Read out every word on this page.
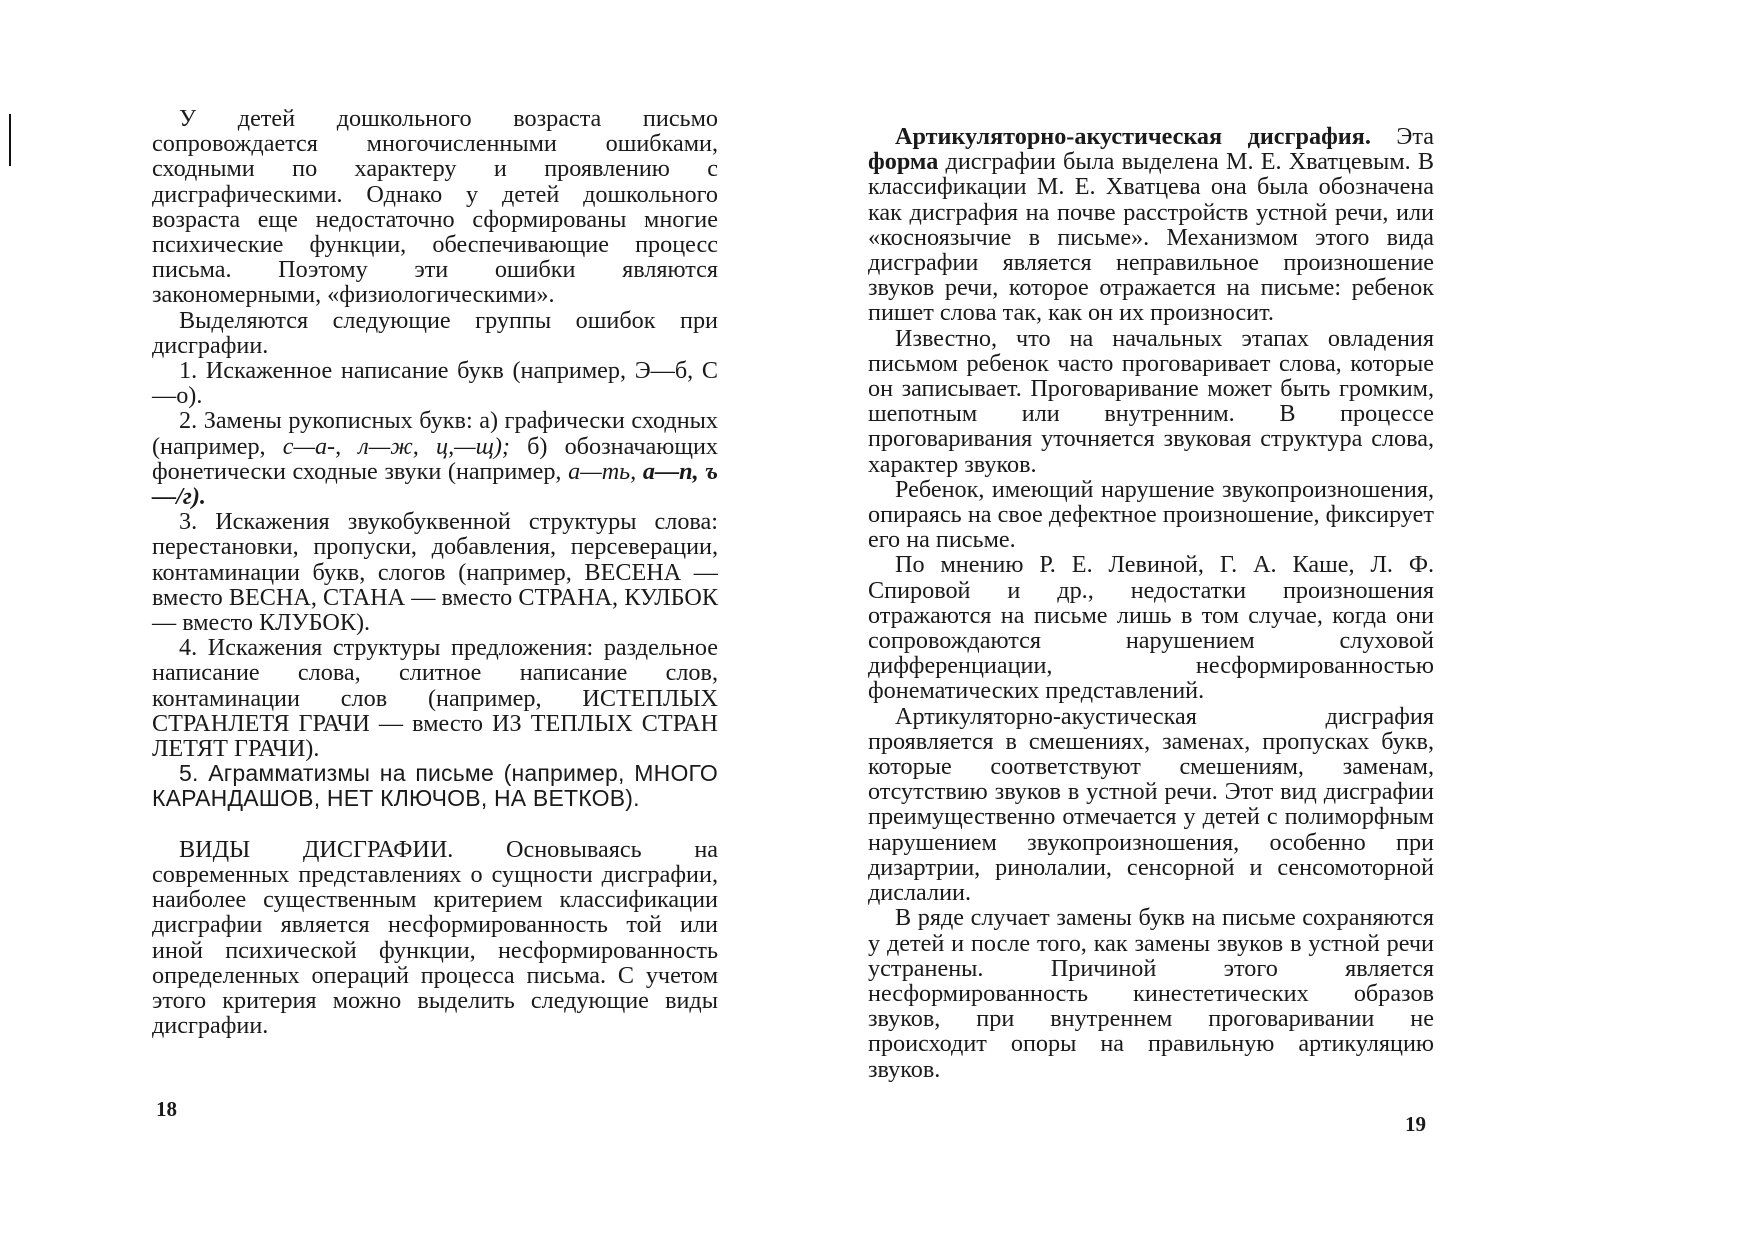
У детей дошкольного возраста письмо сопровождается многочисленными ошибками, сходными по характеру и проявлению с дисграфическими. Однако у детей дошкольного возраста еще недостаточно сформированы многие психические функции, обеспечивающие процесс письма. Поэтому эти ошибки являются закономерными, «физиологическими».

Выделяются следующие группы ошибок при дисграфии.

1. Искаженное написание букв (например, Э—б, С—о).

2. Замены рукописных букв: а) графически сходных (например, с—а-, л—ж, ц,—щ); б) обозначающих фонетически сходные звуки (например, а—ть, а—п, ъ—/г).

3. Искажения звукобуквенной структуры слова: перестановки, пропуски, добавления, персеверации, контаминации букв, слогов (например, ВЕСЕНА — вместо ВЕСНА, СТАНА — вместо СТРАНА, КУЛБОК — вместо КЛУБОК).

4. Искажения структуры предложения: раздельное написание слова, слитное написание слов, контаминации слов (например, ИСТЕПЛЫХ СТРАНЛЕТЯ ГРАЧИ — вместо ИЗ ТЕПЛЫХ СТРАН ЛЕТЯТ ГРАЧИ).

5. Аграмматизмы на письме (например, МНОГО КАРАНДАШОВ, НЕТ КЛЮЧОВ, НА ВЕТКОВ).

ВИДЫ ДИСГРАФИИ. Основываясь на современных представлениях о сущности дисграфии, наиболее существенным критерием классификации дисграфии является несформированность той или иной психической функции, несформированность определенных операций процесса письма. С учетом этого критерия можно выделить следующие виды дисграфии.

18

Артикуляторно-акустическая дисграфия. Эта форма дисграфии была выделена М. Е. Хватцевым. В классификации М. Е. Хватцева она была обозначена как дисграфия на почве расстройств устной речи, или «косноязычие в письме». Механизмом этого вида дисграфии является неправильное произношение звуков речи, которое отражается на письме: ребенок пишет слова так, как он их произносит.

Известно, что на начальных этапах овладения письмом ребенок часто проговаривает слова, которые он записывает. Проговаривание может быть громким, шепотным или внутренним. В процессе проговаривания уточняется звуковая структура слова, характер звуков.

Ребенок, имеющий нарушение звукопроизношения, опираясь на свое дефектное произношение, фиксирует его на письме.

По мнению Р. Е. Левиной, Г. А. Каше, Л. Ф. Спировой и др., недостатки произношения отражаются на письме лишь в том случае, когда они сопровождаются нарушением слуховой дифференциации, несформированностью фонематических представлений.

Артикуляторно-акустическая дисграфия проявляется в смешениях, заменах, пропусках букв, которые соответствуют смешениям, заменам, отсутствию звуков в устной речи. Этот вид дисграфии преимущественно отмечается у детей с полиморфным нарушением звукопроизношения, особенно при дизартрии, ринолалии, сенсорной и сенсомоторной дислалии.

В ряде случает замены букв на письме сохраняются у детей и после того, как замены звуков в устной речи устранены. Причиной этого является несформированность кинестетических образов звуков, при внутреннем проговаривании не происходит опоры на правильную артикуляцию звуков.

19
